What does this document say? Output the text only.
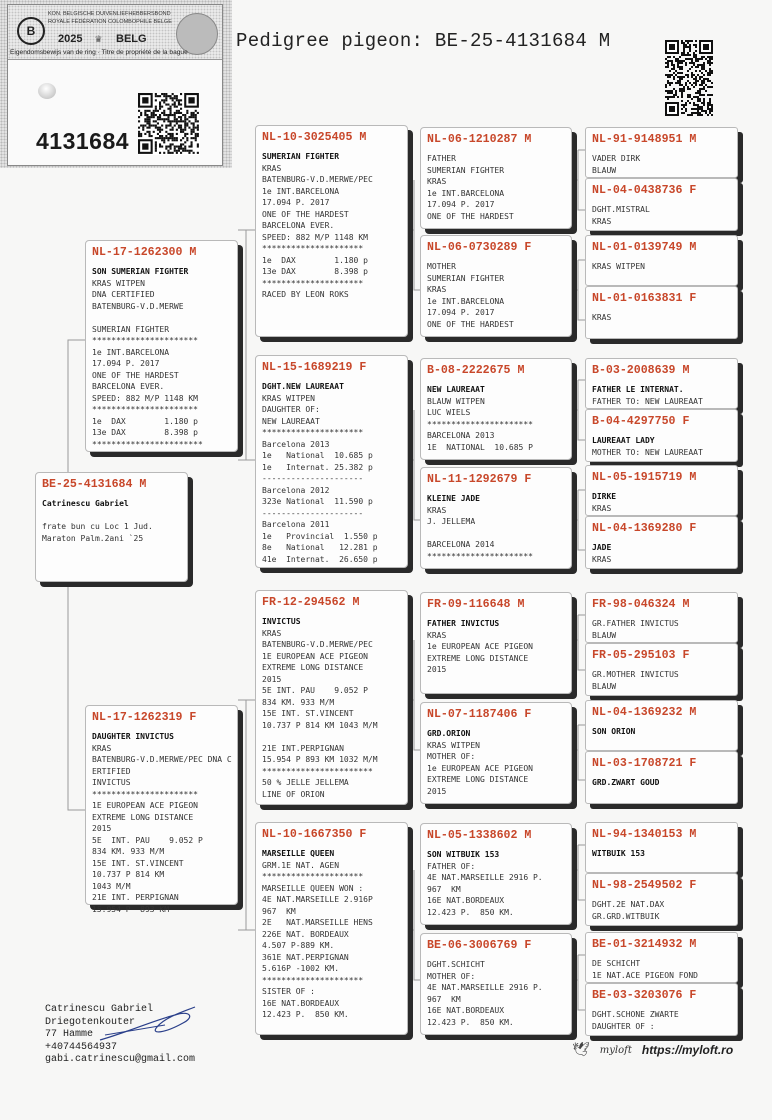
Pedigree pigeon: BE-25-4131684 M
B
KON. BELGISCHE DUIVENLIEFHEBBERSBOND
ROYALE FÉDÉRATION COLOMBOPHILE BELGE
2025 ♛ BELG
Eigendomsbewijs van de ring · Titre de propriété de la bague
4131684
BE-25-4131684 M
Catrinescu Gabriel
frate bun cu Loc 1 Jud.
Maraton Palm.2ani `25
NL-17-1262300 M
SON SUMERIAN FIGHTER
KRAS WITPEN
DNA CERTIFIED
BATENBURG-V.D.MERWE
SUMERIAN FIGHTER
**********************
1e INT.BARCELONA
17.094 P. 2017
ONE OF THE HARDEST
BARCELONA EVER.
SPEED: 882 M/P 1148 KM
**********************
1e  DAX        1.180 p
13e DAX        8.398 p
***********************
NL-17-1262319 F
DAUGHTER INVICTUS
KRAS
BATENBURG-V.D.MERWE/PEC DNA C
ERTIFIED
INVICTUS
**********************
1E EUROPEAN ACE PIGEON
EXTREME LONG DISTANCE
2015
5E  INT. PAU    9.052 P
834 KM. 933 M/M
15E INT. ST.VINCENT
10.737 P 814 KM
1043 M/M
21E INT. PERPIGNAN
15.954 P  893 KM
NL-10-3025405 M
SUMERIAN FIGHTER
KRAS
BATENBURG-V.D.MERWE/PEC
1e INT.BARCELONA
17.094 P. 2017
ONE OF THE HARDEST
BARCELONA EVER.
SPEED: 882 M/P 1148 KM
*********************
1e  DAX        1.180 p
13e DAX        8.398 p
*********************
RACED BY LEON ROKS
NL-15-1689219 F
DGHT.NEW LAUREAAT
KRAS WITPEN
DAUGHTER OF:
NEW LAUREAAT
*********************
Barcelona 2013
1e   National  10.685 p
1e   Internat. 25.382 p
---------------------
Barcelona 2012
323e National  11.590 p
---------------------
Barcelona 2011
1e   Provincial  1.550 p
8e   National   12.281 p
41e  Internat.  26.650 p
FR-12-294562 M
INVICTUS
KRAS
BATENBURG-V.D.MERWE/PEC
1E EUROPEAN ACE PIGEON
EXTREME LONG DISTANCE
2015
5E INT. PAU    9.052 P
834 KM. 933 M/M
15E INT. ST.VINCENT
10.737 P 814 KM 1043 M/M
21E INT.PERPIGNAN
15.954 P 893 KM 1032 M/M
***********************
50 % JELLE JELLEMA
LINE OF ORION
NL-10-1667350 F
MARSEILLE QUEEN
GRM.1E NAT. AGEN
*********************
MARSEILLE QUEEN WON :
4E NAT.MARSEILLE 2.916P
967  KM
2E   NAT.MARSEILLE HENS
226E NAT. BORDEAUX
4.507 P-889 KM.
361E NAT.PERPIGNAN
5.616P -1002 KM.
*********************
SISTER OF :
16E NAT.BORDEAUX
12.423 P.  850 KM.
NL-06-1210287 M
FATHER
SUMERIAN FIGHTER
KRAS
1e INT.BARCELONA
17.094 P. 2017
ONE OF THE HARDEST
NL-06-0730289 F
MOTHER
SUMERIAN FIGHTER
KRAS
1e INT.BARCELONA
17.094 P. 2017
ONE OF THE HARDEST
B-08-2222675 M
NEW LAUREAAT
BLAUW WITPEN
LUC WIELS
**********************
BARCELONA 2013
1E  NATIONAL  10.685 P
NL-11-1292679 F
KLEINE JADE
KRAS
J. JELLEMA
BARCELONA 2014
**********************
FR-09-116648 M
FATHER INVICTUS
KRAS
1e EUROPEAN ACE PIGEON
EXTREME LONG DISTANCE
2015
NL-07-1187406 F
GRD.ORION
KRAS WITPEN
MOTHER OF:
1e EUROPEAN ACE PIGEON
EXTREME LONG DISTANCE
2015
NL-05-1338602 M
SON WITBUIK 153
FATHER OF:
4E NAT.MARSEILLE 2916 P.
967  KM
16E NAT.BORDEAUX
12.423 P.  850 KM.
BE-06-3006769 F
DGHT.SCHICHT
MOTHER OF:
4E NAT.MARSEILLE 2916 P.
967  KM
16E NAT.BORDEAUX
12.423 P.  850 KM.
NL-91-9148951 M
VADER DIRK
BLAUW
NL-04-0438736 F
DGHT.MISTRAL
KRAS
NL-01-0139749 M
KRAS WITPEN
NL-01-0163831 F
KRAS
B-03-2008639 M
FATHER LE INTERNAT.
FATHER TO: NEW LAUREAAT
B-04-4297750 F
LAUREAAT LADY
MOTHER TO: NEW LAUREAAT
NL-05-1915719 M
DIRKE
KRAS
NL-04-1369280 F
JADE
KRAS
FR-98-046324 M
GR.FATHER INVICTUS
BLAUW
FR-05-295103 F
GR.MOTHER INVICTUS
BLAUW
NL-04-1369232 M
SON ORION
NL-03-1708721 F
GRD.ZWART GOUD
NL-94-1340153 M
WITBUIK 153
NL-98-2549502 F
DGHT.2E NAT.DAX
GR.GRD.WITBUIK
BE-01-3214932 M
DE SCHICHT
1E NAT.ACE PIGEON FOND
BE-03-3203076 F
DGHT.SCHONE ZWARTE
DAUGHTER OF :
Catrinescu Gabriel
Driegotenkouter
77 Hamme
+40744564937
gabi.catrinescu@gmail.com
🕊 myloft https://myloft.ro
